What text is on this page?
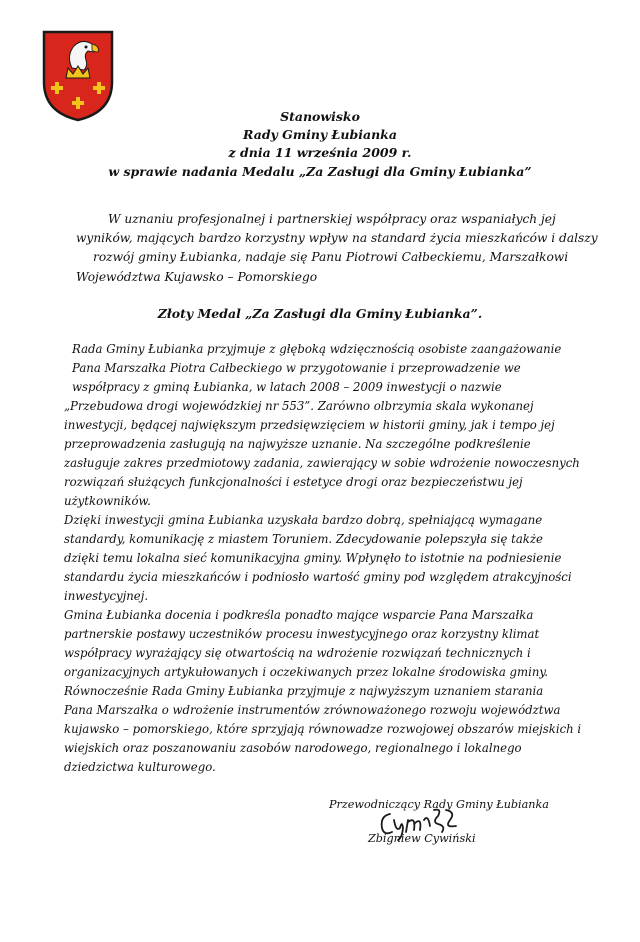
Stanowisko
Rady Gminy Łubianka
z dnia 11 września 2009 r.
w sprawie nadania Medalu „Za Zasługi dla Gminy Łubianka”
W uznaniu profesjonalnej i partnerskiej współpracy oraz wspaniałych jej
wyników, mających bardzo korzystny wpływ na standard życia mieszkańców i dalszy
rozwój gminy Łubianka, nadaje się Panu Piotrowi Całbeckiemu, Marszałkowi
Województwa Kujawsko – Pomorskiego
Złoty Medal „Za Zasługi dla Gminy Łubianka”.
Rada Gminy Łubianka przyjmuje z głęboką wdzięcznością osobiste zaangażowanie
Pana Marszałka Piotra Całbeckiego w przygotowanie i przeprowadzenie we
współpracy z gminą Łubianka, w latach 2008 – 2009 inwestycji o nazwie
„Przebudowa drogi wojewódzkiej nr 553”. Zarówno olbrzymia skala wykonanej
inwestycji, będącej największym przedsięwzięciem w historii gminy, jak i tempo jej
przeprowadzenia zasługują na najwyższe uznanie. Na szczególne podkreślenie
zasługuje zakres przedmiotowy zadania, zawierający w sobie wdrożenie nowoczesnych
rozwiązań służących funkcjonalności i estetyce drogi oraz bezpieczeństwu jej
użytkowników.
Dzięki inwestycji gmina Łubianka uzyskała bardzo dobrą, spełniającą wymagane
standardy, komunikację z miastem Toruniem. Zdecydowanie polepszyła się także
dzięki temu lokalna sieć komunikacyjna gminy. Wpłynęło to istotnie na podniesienie
standardu życia mieszkańców i podniosło wartość gminy pod względem atrakcyjności
inwestycyjnej.
Gmina Łubianka docenia i podkreśla ponadto mające wsparcie Pana Marszałka
partnerskie postawy uczestników procesu inwestycyjnego oraz korzystny klimat
współpracy wyrażający się otwartością na wdrożenie rozwiązań technicznych i
organizacyjnych artykułowanych i oczekiwanych przez lokalne środowiska gminy.
Równocześnie Rada Gminy Łubianka przyjmuje z najwyższym uznaniem starania
Pana Marszałka o wdrożenie instrumentów zrównoważonego rozwoju województwa
kujawsko – pomorskiego, które sprzyjają równowadze rozwojowej obszarów miejskich i
wiejskich oraz poszanowaniu zasobów narodowego, regionalnego i lokalnego
dziedzictwa kulturowego.
Przewodniczący Rady Gminy Łubianka
Zbigniew Cywiński
